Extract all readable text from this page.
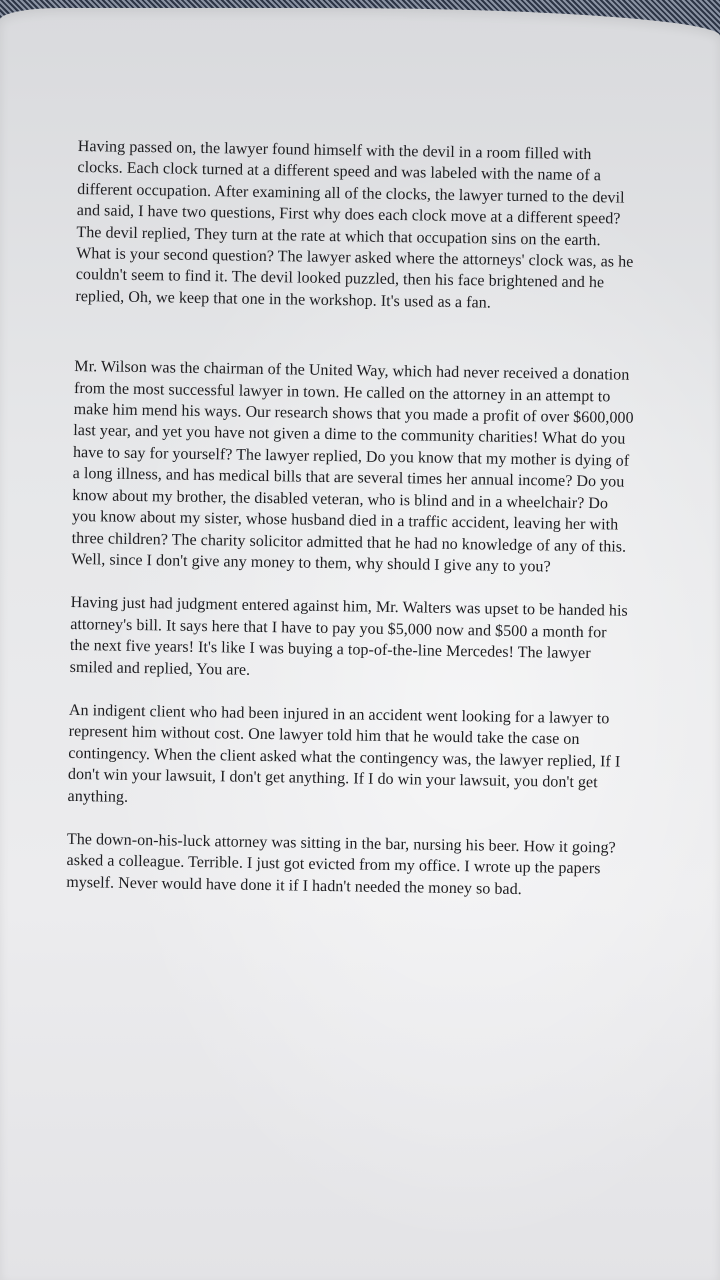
Having passed on, the lawyer found himself with the devil in a room filled with clocks. Each clock turned at a different speed and was labeled with the name of a different occupation. After examining all of the clocks, the lawyer turned to the devil and said, I have two questions, First why does each clock move at a different speed? The devil replied, They turn at the rate at which that occupation sins on the earth. What is your second question? The lawyer asked where the attorneys' clock was, as he couldn't seem to find it. The devil looked puzzled, then his face brightened and he replied, Oh, we keep that one in the workshop. It's used as a fan.

Mr. Wilson was the chairman of the United Way, which had never received a donation from the most successful lawyer in town. He called on the attorney in an attempt to make him mend his ways. Our research shows that you made a profit of over $600,000 last year, and yet you have not given a dime to the community charities! What do you have to say for yourself? The lawyer replied, Do you know that my mother is dying of a long illness, and has medical bills that are several times her annual income? Do you know about my brother, the disabled veteran, who is blind and in a wheelchair? Do you know about my sister, whose husband died in a traffic accident, leaving her with three children? The charity solicitor admitted that he had no knowledge of any of this. Well, since I don't give any money to them, why should I give any to you?

Having just had judgment entered against him, Mr. Walters was upset to be handed his attorney's bill. It says here that I have to pay you $5,000 now and $500 a month for the next five years! It's like I was buying a top-of-the-line Mercedes! The lawyer smiled and replied, You are.

An indigent client who had been injured in an accident went looking for a lawyer to represent him without cost. One lawyer told him that he would take the case on contingency. When the client asked what the contingency was, the lawyer replied, If I don't win your lawsuit, I don't get anything. If I do win your lawsuit, you don't get anything.

The down-on-his-luck attorney was sitting in the bar, nursing his beer. How it going? asked a colleague. Terrible. I just got evicted from my office. I wrote up the papers myself. Never would have done it if I hadn't needed the money so bad.
